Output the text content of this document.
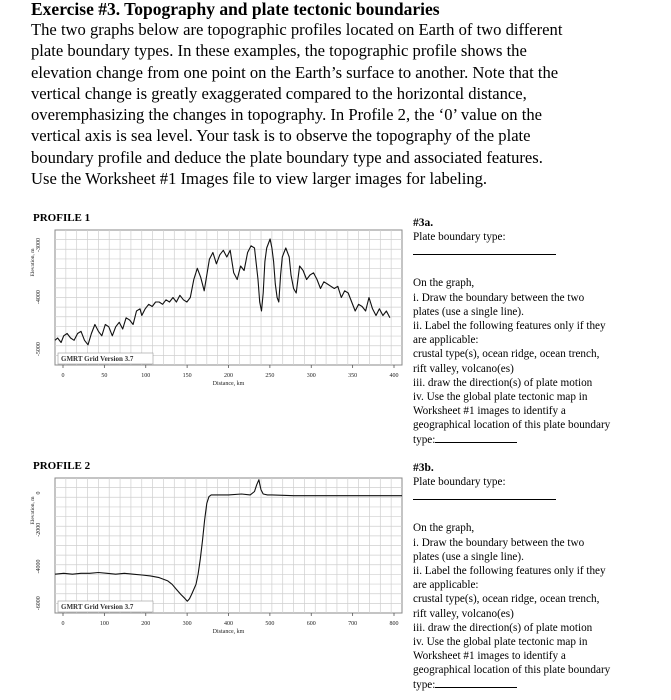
Exercise #3. Topography and plate tectonic boundaries
The two graphs below are topographic profiles located on Earth of two different
plate boundary types. In these examples, the topographic profile shows the
elevation change from one point on the Earth’s surface to another. Note that the
vertical change is greatly exaggerated compared to the horizontal distance,
overemphasizing the changes in topography. In Profile 2, the ‘0’ value on the
vertical axis is sea level. Your task is to observe the topography of the plate
boundary profile and deduce the plate boundary type and associated features.
Use the Worksheet #1 Images file to view larger images for labeling.
PROFILE 1
0	50	100	150	200	250	300	350	400
Distance, km
-3000
-4000
-5000
Elevation, m
GMRT Grid Version 3.7
#3a.
Plate boundary type:
On the graph,
i. Draw the boundary between the two
plates (use a single line).
ii. Label the following features only if they
are applicable:
crustal type(s), ocean ridge, ocean trench,
rift valley, volcano(es)
iii. draw the direction(s) of plate motion
iv. Use the global plate tectonic map in
Worksheet #1 images to identify a
geographical location of this plate boundary
type:
PROFILE 2
0	100	200	300	400	500	600	700	800
Distance, km
0
-2000
-4000
-6000
Elevation, m
GMRT Grid Version 3.7
#3b.
Plate boundary type:
On the graph,
i. Draw the boundary between the two
plates (use a single line).
ii. Label the following features only if they
are applicable:
crustal type(s), ocean ridge, ocean trench,
rift valley, volcano(es)
iii. draw the direction(s) of plate motion
iv. Use the global plate tectonic map in
Worksheet #1 images to identify a
geographical location of this plate boundary
type:
